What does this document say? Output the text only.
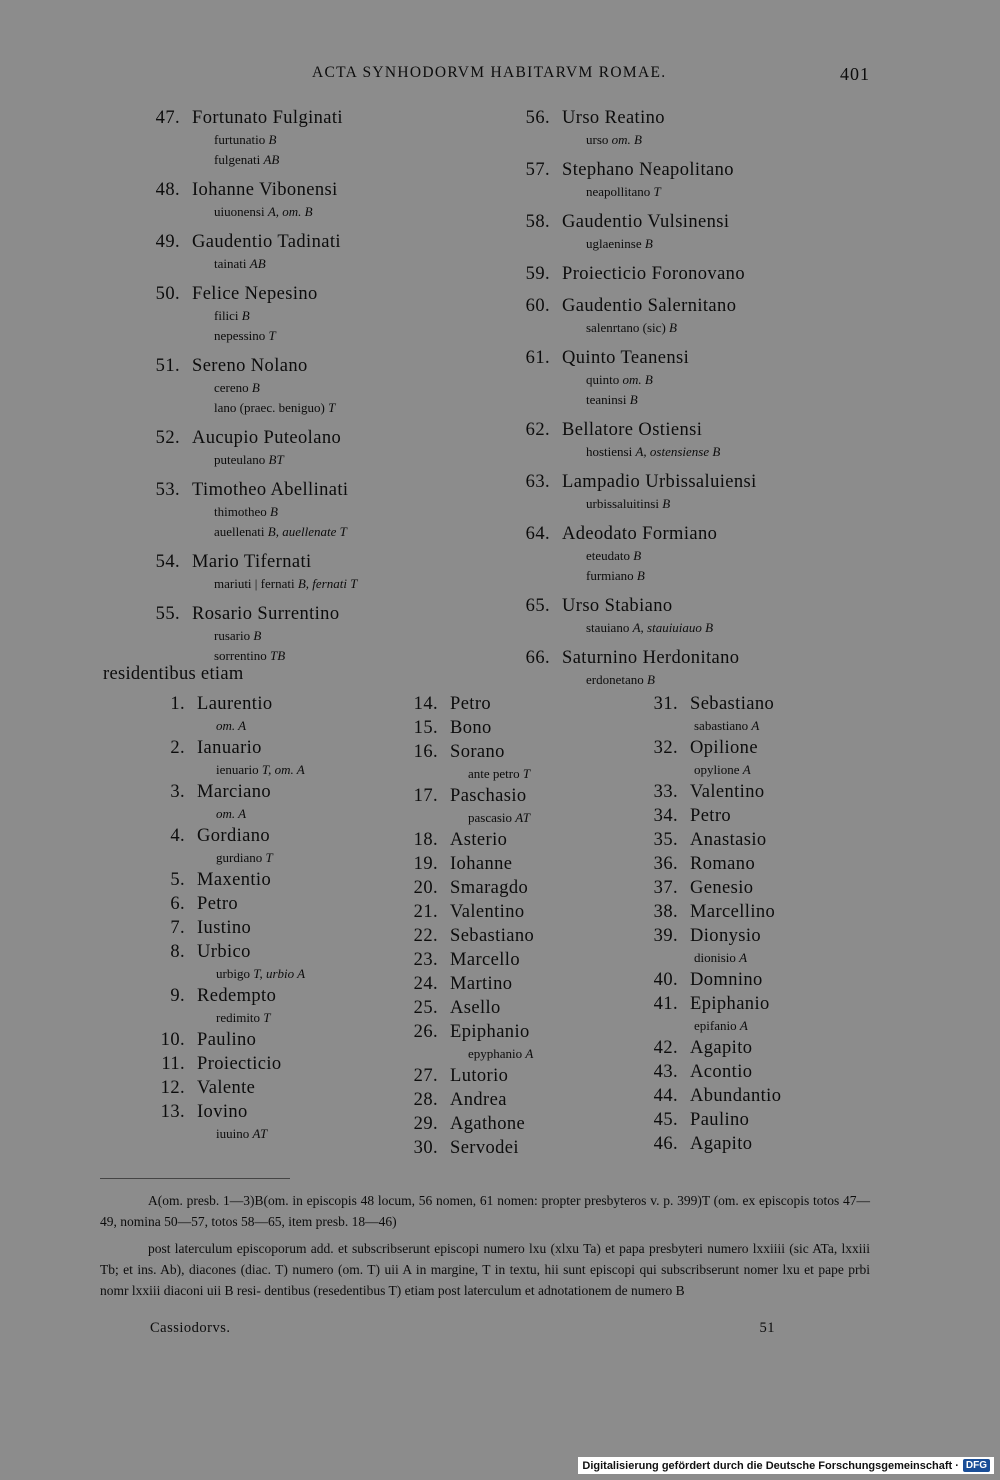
ACTA SYNHODORVM HABITARVM ROMAE.	401
47. Fortunato Fulginati
furtunatio B
fulgenati AB
48. Iohanne Vibonensi
uiuonensi A, om. B
49. Gaudentio Tadinati
tainati AB
50. Felice Nepesino
filici B
nepessino T
51. Sereno Nolano
cereno B
lano (praec. beniguo) T
52. Aucupio Puteolano
puteulano BT
53. Timotheo Abellinati
thimotheo B
auellenati B, auellenate T
54. Mario Tifernati
mariuti | fernati B, fernati T
55. Rosario Surrentino
rusario B
sorrentino TB
56. Urso Reatino
urso om. B
57. Stephano Neapolitano
neapollitano T
58. Gaudentio Vulsinensi
uglaeninse B
59. Proiecticio Foronovano
60. Gaudentio Salernitano
salenrtano (sic) B
61. Quinto Teanensi
quinto om. B
teaninsi B
62. Bellatore Ostiensi
hostiensi A, ostensiense B
63. Lampadio Urbissaluiensi
urbissaluitinsi B
64. Adeodato Formiano
eteudato B
furmiano B
65. Urso Stabiano
stauiano A, stauiuiauo B
66. Saturnino Herdonitano
erdonetano B
residentibus etiam
1. Laurentio
om. A
2. Ianuario
ienuario T, om. A
3. Marciano
om. A
4. Gordiano
gurdiano T
5. Maxentio
6. Petro
7. Iustino
8. Urbico
urbigo T, urbio A
9. Redempto
redimito T
10. Paulino
11. Proiecticio
12. Valente
13. Iovino
iuuino AT
14. Petro
15. Bono
16. Sorano
ante petro T
17. Paschasio
pascasio AT
18. Asterio
19. Iohanne
20. Smaragdo
21. Valentino
22. Sebastiano
23. Marcello
24. Martino
25. Asello
26. Epiphanio
epyphanio A
27. Lutorio
28. Andrea
29. Agathone
30. Servodei
31. Sebastiano
sabastiano A
32. Opilione
opylione A
33. Valentino
34. Petro
35. Anastasio
36. Romano
37. Genesio
38. Marcellino
39. Dionysio
dionisio A
40. Domnino
41. Epiphanio
epifanio A
42. Agapito
43. Acontio
44. Abundantio
45. Paulino
46. Agapito

A(om. presb. 1—3)B(om. in episcopis 48 locum, 56 nomen, 61 nomen: propter presbyteros v. p. 399)T (om. ex episcopis totos 47—49, nomina 50—57, totos 58—65, item presb. 18—46)

post laterculum episcoporum add. et subscribserunt episcopi numero lxu (xlxu Ta) et papa presbyteri numero lxxiiii (sic ATa, lxxiii Tb; et ins. Ab), diacones (diac. T) numero (om. T) uii A in margine, T in textu, hii sunt episcopi qui subscribserunt nomer lxu et pape prbi nomr lxxiii diaconi uii B resi- dentibus (resedentibus T) etiam post laterculum et adnotationem de numero B

Cassiodorvs.	51
Digitalisierung gefördert durch die Deutsche Forschungsgemeinschaft · DFG
